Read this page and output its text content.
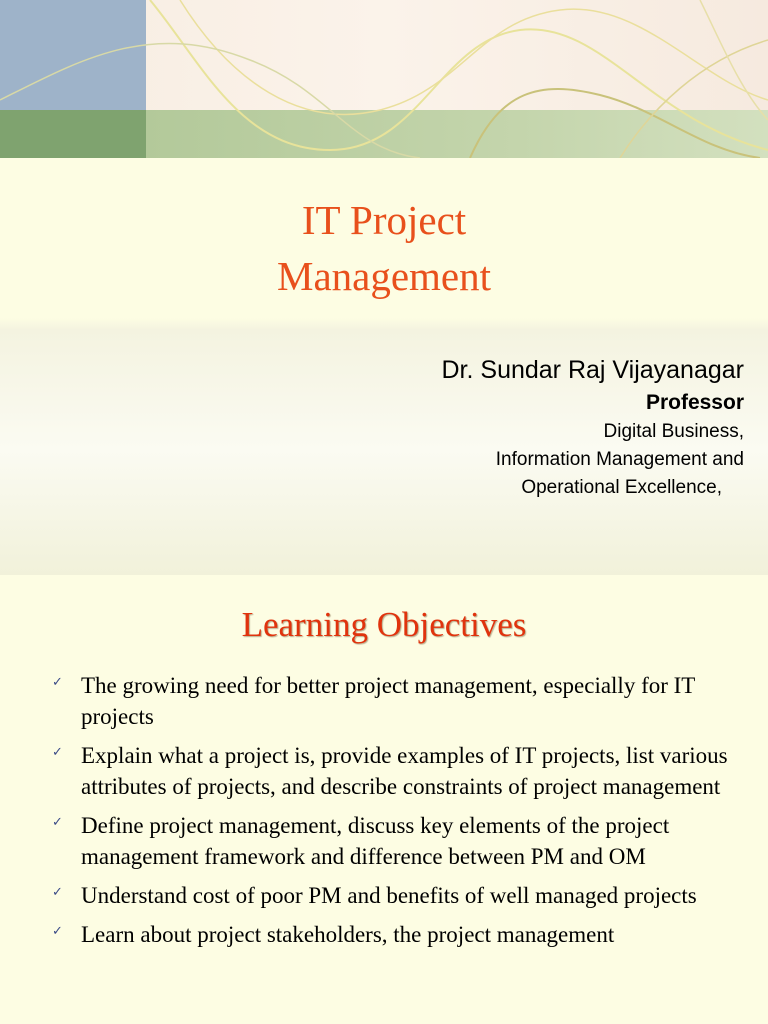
IT Project
Management
Dr. Sundar Raj Vijayanagar
Professor
Digital Business,
Information Management and
Operational Excellence,
Learning Objectives
✓ The growing need for better project management, especially for IT projects
✓ Explain what a project is, provide examples of IT projects, list various attributes of projects, and describe constraints of project management
✓ Define project management, discuss key elements of the project management framework and difference between PM and OM
✓ Understand cost of poor PM and benefits of well managed projects
✓ Learn about project stakeholders, the project management
